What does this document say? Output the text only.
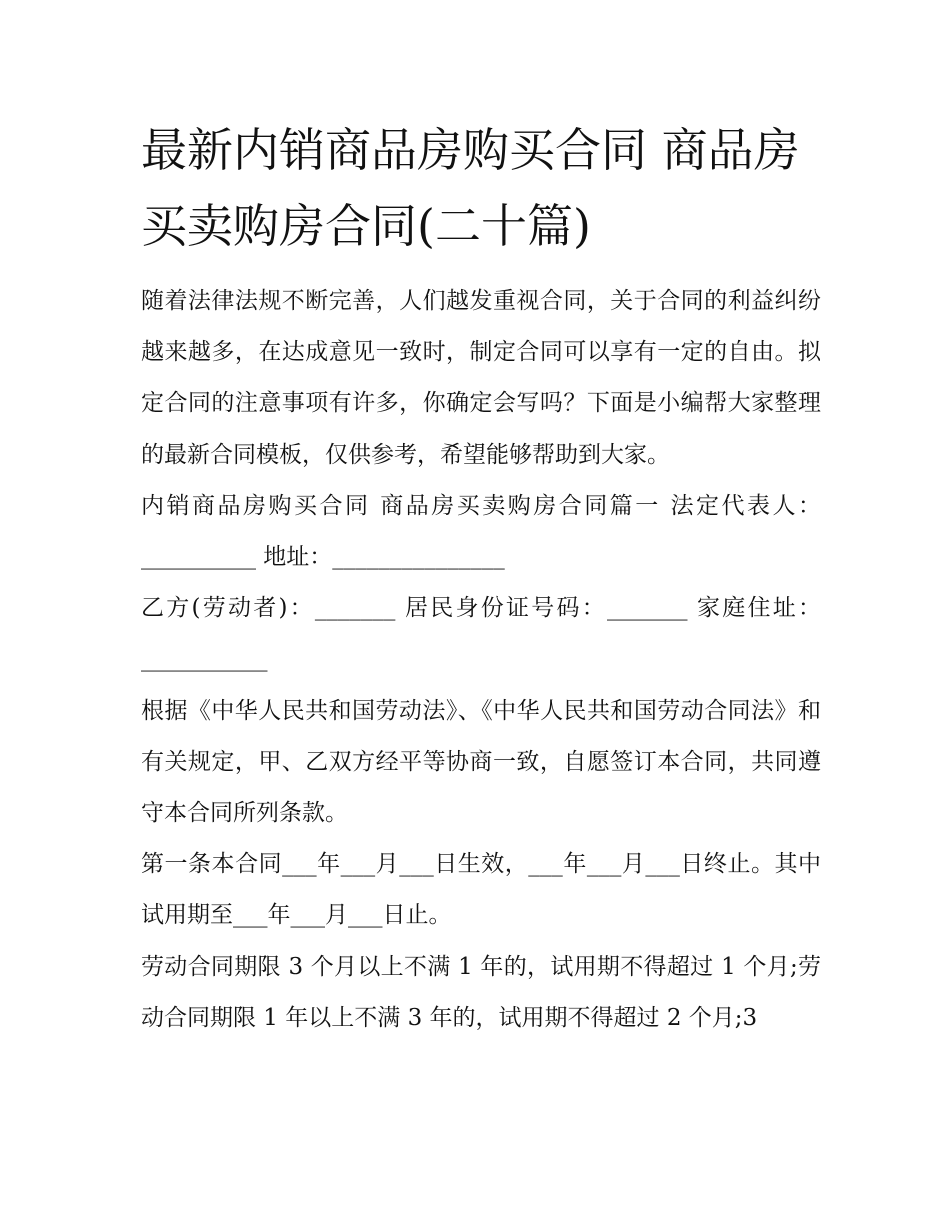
最新内销商品房购买合同 商品房买卖购房合同(二十篇)

随着法律法规不断完善，人们越发重视合同，关于合同的利益纠纷越来越多，在达成意见一致时，制定合同可以享有一定的自由。拟定合同的注意事项有许多，你确定会写吗？下面是小编帮大家整理的最新合同模板，仅供参考，希望能够帮助到大家。

内销商品房购买合同 商品房买卖购房合同篇一 法定代表人：__________ 地址：_______________

乙方(劳动者)：_______ 居民身份证号码：_______ 家庭住址：___________

根据《中华人民共和国劳动法》、《中华人民共和国劳动合同法》和有关规定，甲、乙双方经平等协商一致，自愿签订本合同，共同遵守本合同所列条款。

第一条本合同___年___月___日生效，___年___月___日终止。其中试用期至___年___月___日止。

劳动合同期限 3 个月以上不满 1 年的，试用期不得超过 1 个月;劳动合同期限 1 年以上不满 3 年的，试用期不得超过 2 个月;3
